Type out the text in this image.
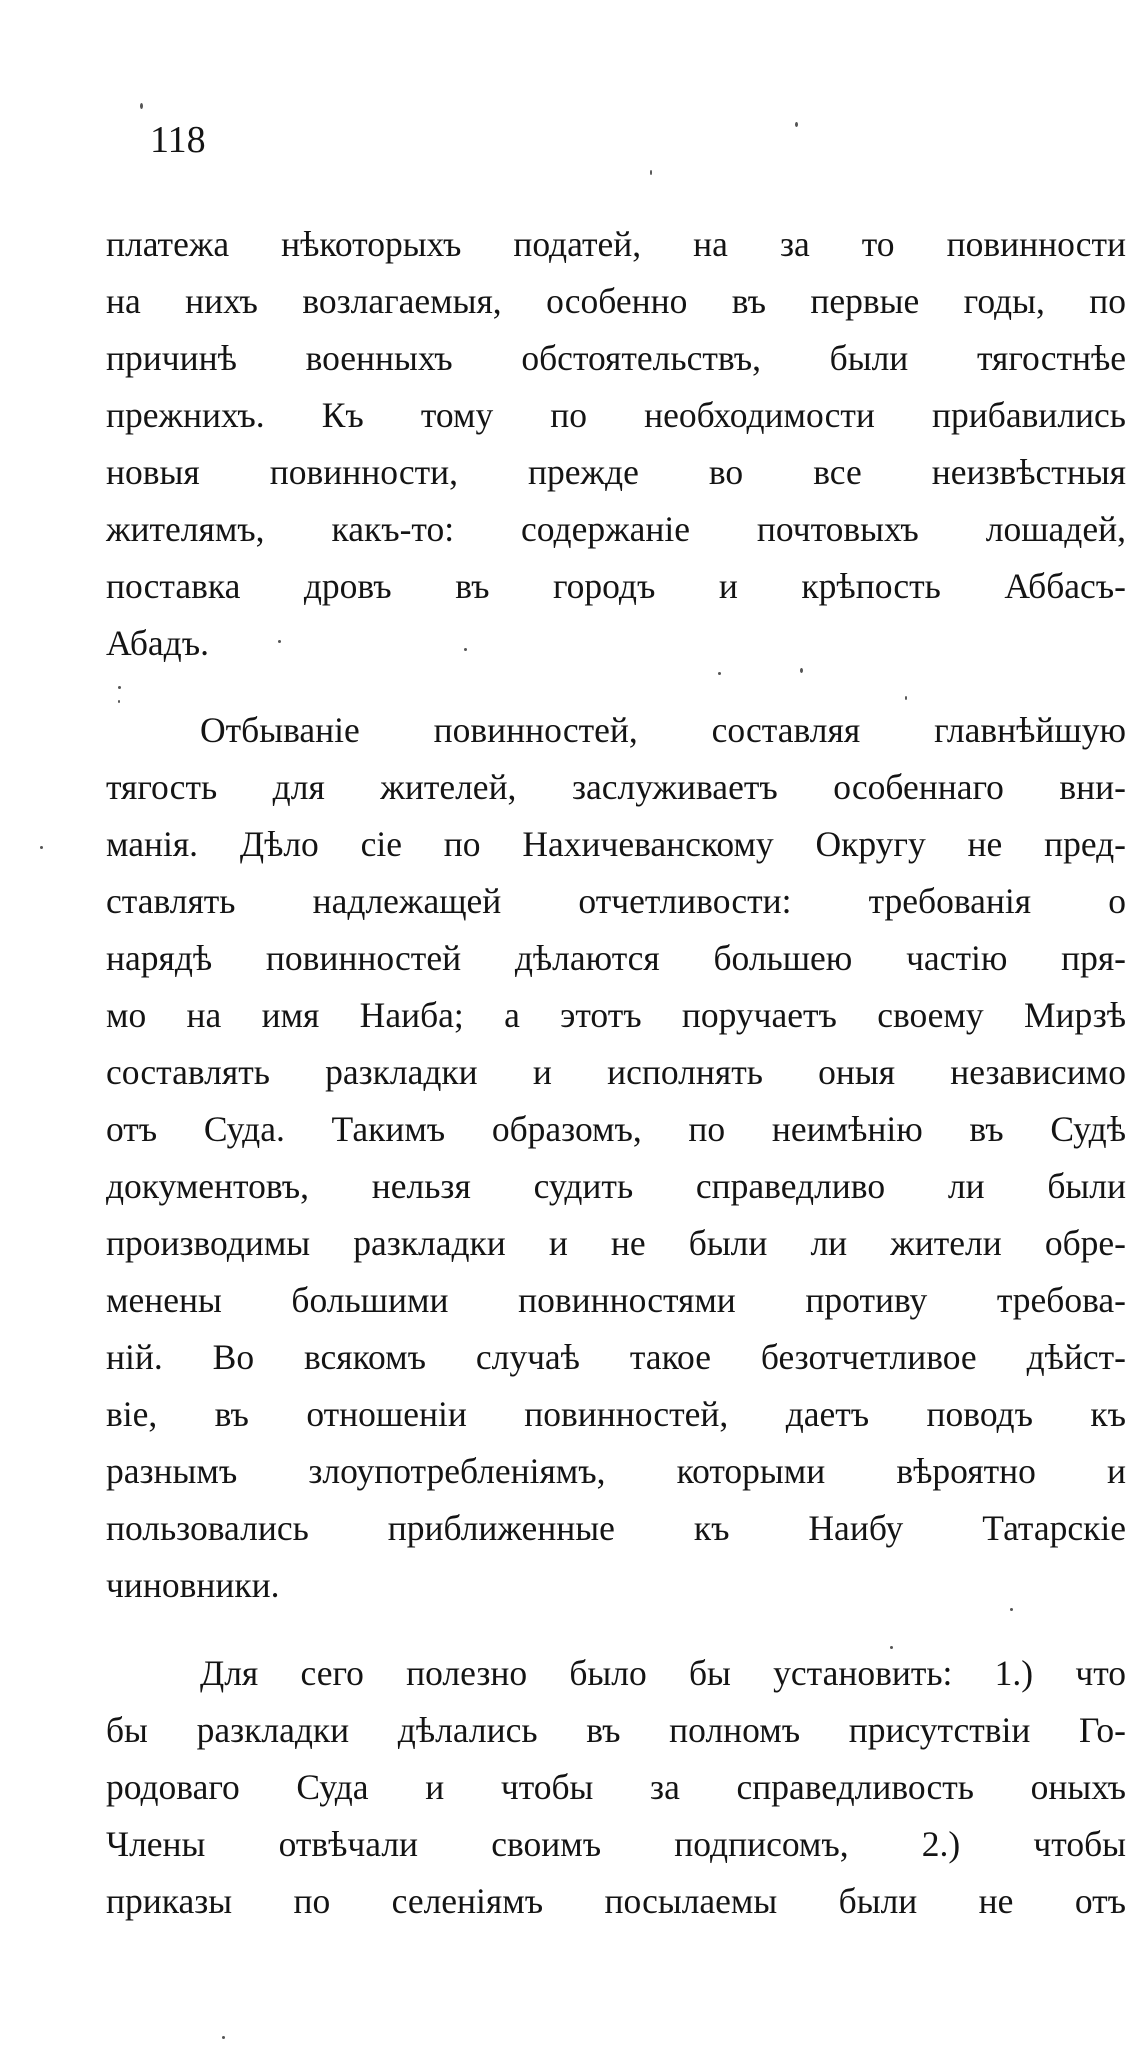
118

платежа нѣкоторыхъ податей, на за то повинности
на нихъ возлагаемыя, особенно въ первые годы, по
причинѣ военныхъ обстоятельствъ, были тягостнѣе
прежнихъ. Къ тому по необходимости прибавились
новыя повинности, прежде во все неизвѣстныя
жителямъ, какъ-то: содержаніе почтовыхъ лошадей,
поставка дровъ въ городъ и крѣпость Аббасъ-
Абадъ.
Отбываніе повинностей, составляя главнѣйшую
тягость для жителей, заслуживаетъ особеннаго вни-
манія. Дѣло сіе по Нахичеванскому Округу не пред-
ставлять надлежащей отчетливости: требованія о
нарядѣ повинностей дѣлаются большею частію пря-
мо на имя Наиба; а этотъ поручаетъ своему Мирзѣ
составлять разкладки и исполнять оныя независимо
отъ Суда. Такимъ образомъ, по неимѣнію въ Судѣ
документовъ, нельзя судить справедливо ли были
производимы разкладки и не были ли жители обре-
менены большими повинностями противу требова-
ній. Во всякомъ случаѣ такое безотчетливое дѣйст-
віе, въ отношеніи повинностей, даетъ поводъ къ
разнымъ злоупотребленіямъ, которыми вѣроятно и
пользовались приближенные къ Наибу Татарскіе
чиновники.
Для сего полезно было бы установить: 1.) что
бы разкладки дѣлались въ полномъ присутствіи Го-
родоваго Суда и чтобы за справедливость оныхъ
Члены отвѣчали своимъ подписомъ, 2.) чтобы
приказы по селеніямъ посылаемы были не отъ
